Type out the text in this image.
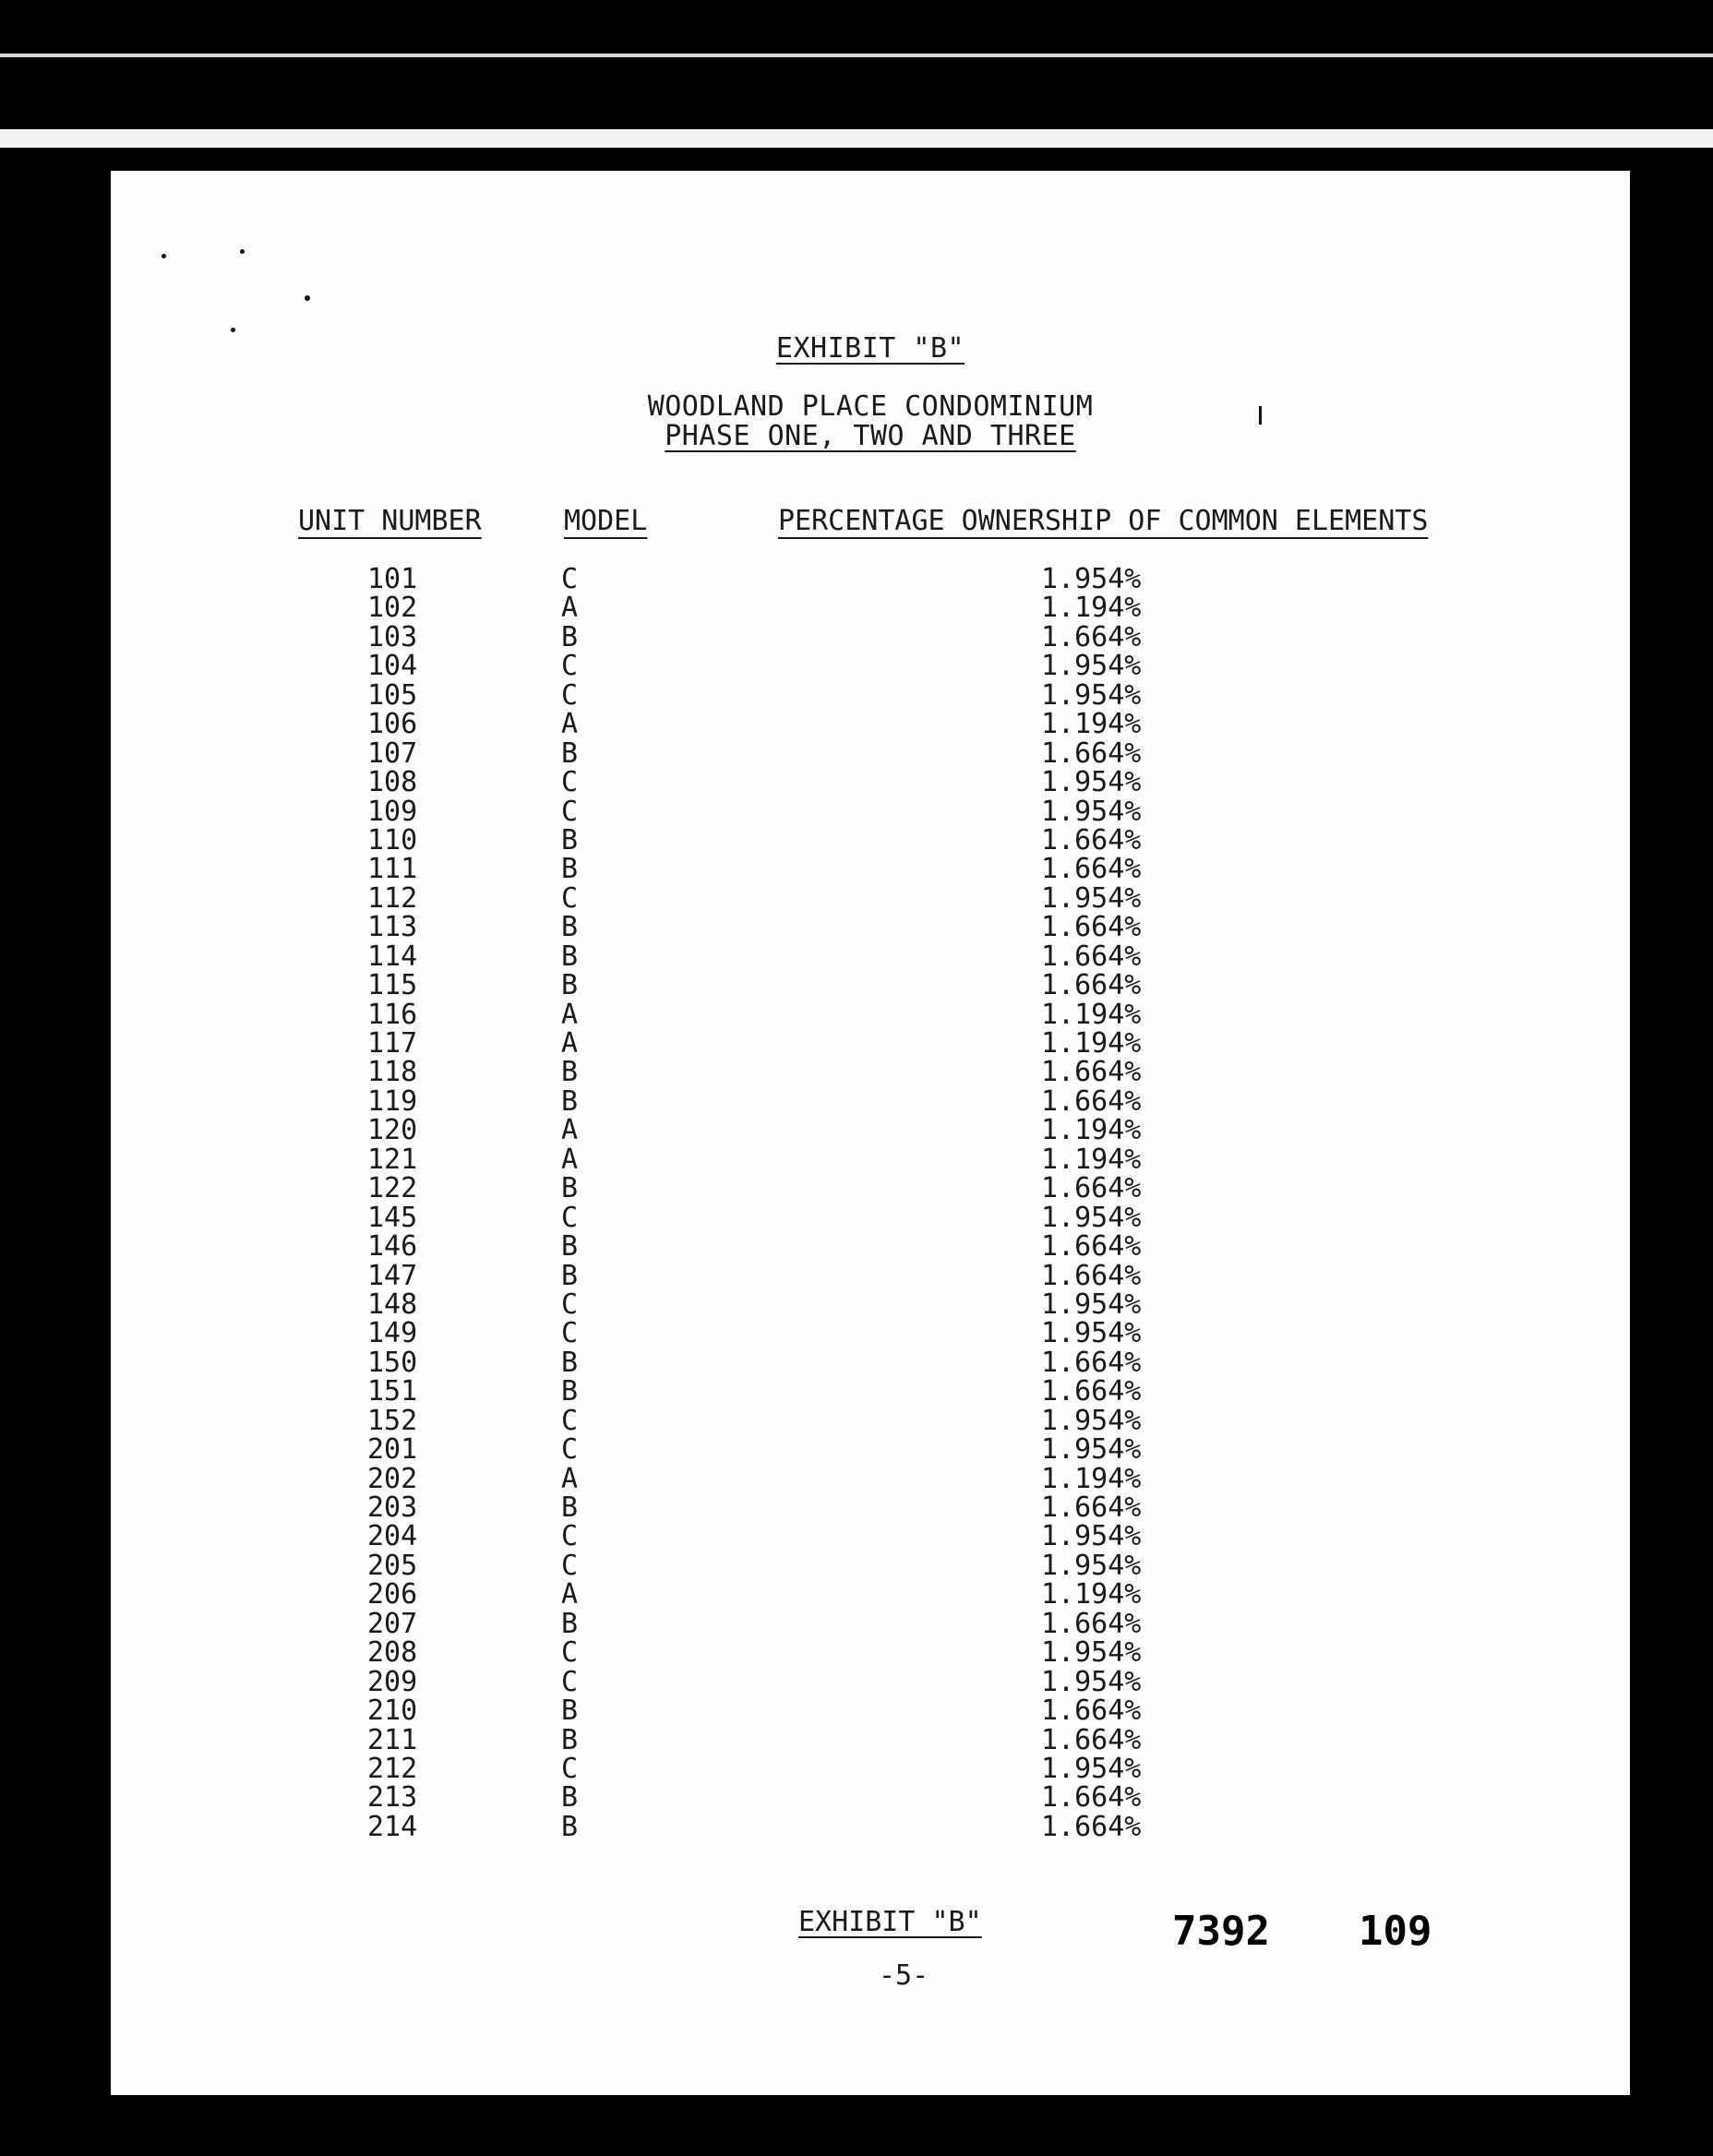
EXHIBIT "B"
WOODLAND PLACE CONDOMINIUM
PHASE ONE, TWO AND THREE
UNIT NUMBER	MODEL	PERCENTAGE OWNERSHIP OF COMMON ELEMENTS
101	C	1.954%
102	A	1.194%
103	B	1.664%
104	C	1.954%
105	C	1.954%
106	A	1.194%
107	B	1.664%
108	C	1.954%
109	C	1.954%
110	B	1.664%
111	B	1.664%
112	C	1.954%
113	B	1.664%
114	B	1.664%
115	B	1.664%
116	A	1.194%
117	A	1.194%
118	B	1.664%
119	B	1.664%
120	A	1.194%
121	A	1.194%
122	B	1.664%
145	C	1.954%
146	B	1.664%
147	B	1.664%
148	C	1.954%
149	C	1.954%
150	B	1.664%
151	B	1.664%
152	C	1.954%
201	C	1.954%
202	A	1.194%
203	B	1.664%
204	C	1.954%
205	C	1.954%
206	A	1.194%
207	B	1.664%
208	C	1.954%
209	C	1.954%
210	B	1.664%
211	B	1.664%
212	C	1.954%
213	B	1.664%
214	B	1.664%
EXHIBIT "B"
-5-
7392 109
